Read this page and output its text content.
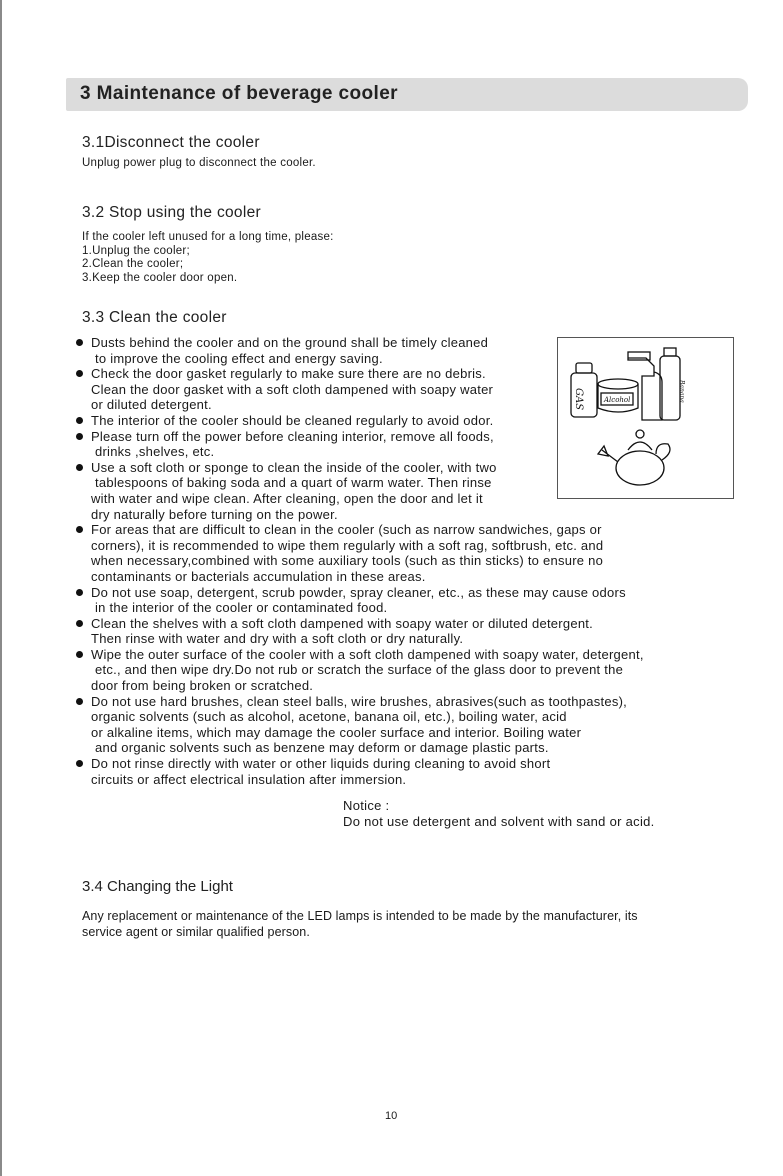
3 Maintenance of beverage cooler
3.1Disconnect the cooler
Unplug power plug to disconnect the cooler.
3.2 Stop using the cooler
If the cooler left unused for a long time, please:
1.Unplug the cooler;
2.Clean the cooler;
3.Keep the cooler door open.
3.3 Clean the cooler
Dusts behind the cooler and on the ground shall be timely cleaned
to improve the cooling effect and energy saving.
Check the door gasket regularly to make sure there are no debris.
Clean the door gasket with a soft cloth dampened with soapy water
or diluted detergent.
The interior of the cooler should be cleaned regularly to avoid odor.
Please turn off the power before cleaning interior, remove all foods,
drinks ,shelves, etc.
Use a soft cloth or sponge to clean the inside of the cooler, with two
tablespoons of baking soda and a quart of warm water. Then rinse
with water and wipe clean. After cleaning, open the door and let it
dry naturally before turning on the power.
For areas that are difficult to clean in the cooler (such as narrow sandwiches, gaps or
corners), it is recommended to wipe them regularly with a soft rag, softbrush, etc. and
when necessary,combined with some auxiliary tools (such as thin sticks) to ensure no
contaminants or bacterials accumulation in these areas.
Do not use soap, detergent, scrub powder, spray cleaner, etc., as these may cause odors
in the interior of the cooler or contaminated food.
Clean the shelves with a soft cloth dampened with soapy water or diluted detergent.
Then rinse with water and dry with a soft cloth or dry naturally.
Wipe the outer surface of the cooler with a soft cloth dampened with soapy water, detergent,
etc., and then wipe dry.Do not rub or scratch the surface of the glass door to prevent the
door from being broken or scratched.
Do not use hard brushes, clean steel balls, wire brushes, abrasives(such as toothpastes),
organic solvents (such as alcohol, acetone, banana oil, etc.), boiling water, acid
or alkaline items, which may damage the cooler surface and interior. Boiling water
and organic solvents such as benzene may deform or damage plastic parts.
Do not rinse directly with water or other liquids during cleaning to avoid short
circuits or affect electrical insulation after immersion.
GAS	Alcohol	Banana
Notice :
Do not use detergent and solvent with sand or acid.
3.4 Changing the Light
Any replacement or maintenance of the LED lamps is intended to be made by the manufacturer, its
service agent or similar qualified person.
10
